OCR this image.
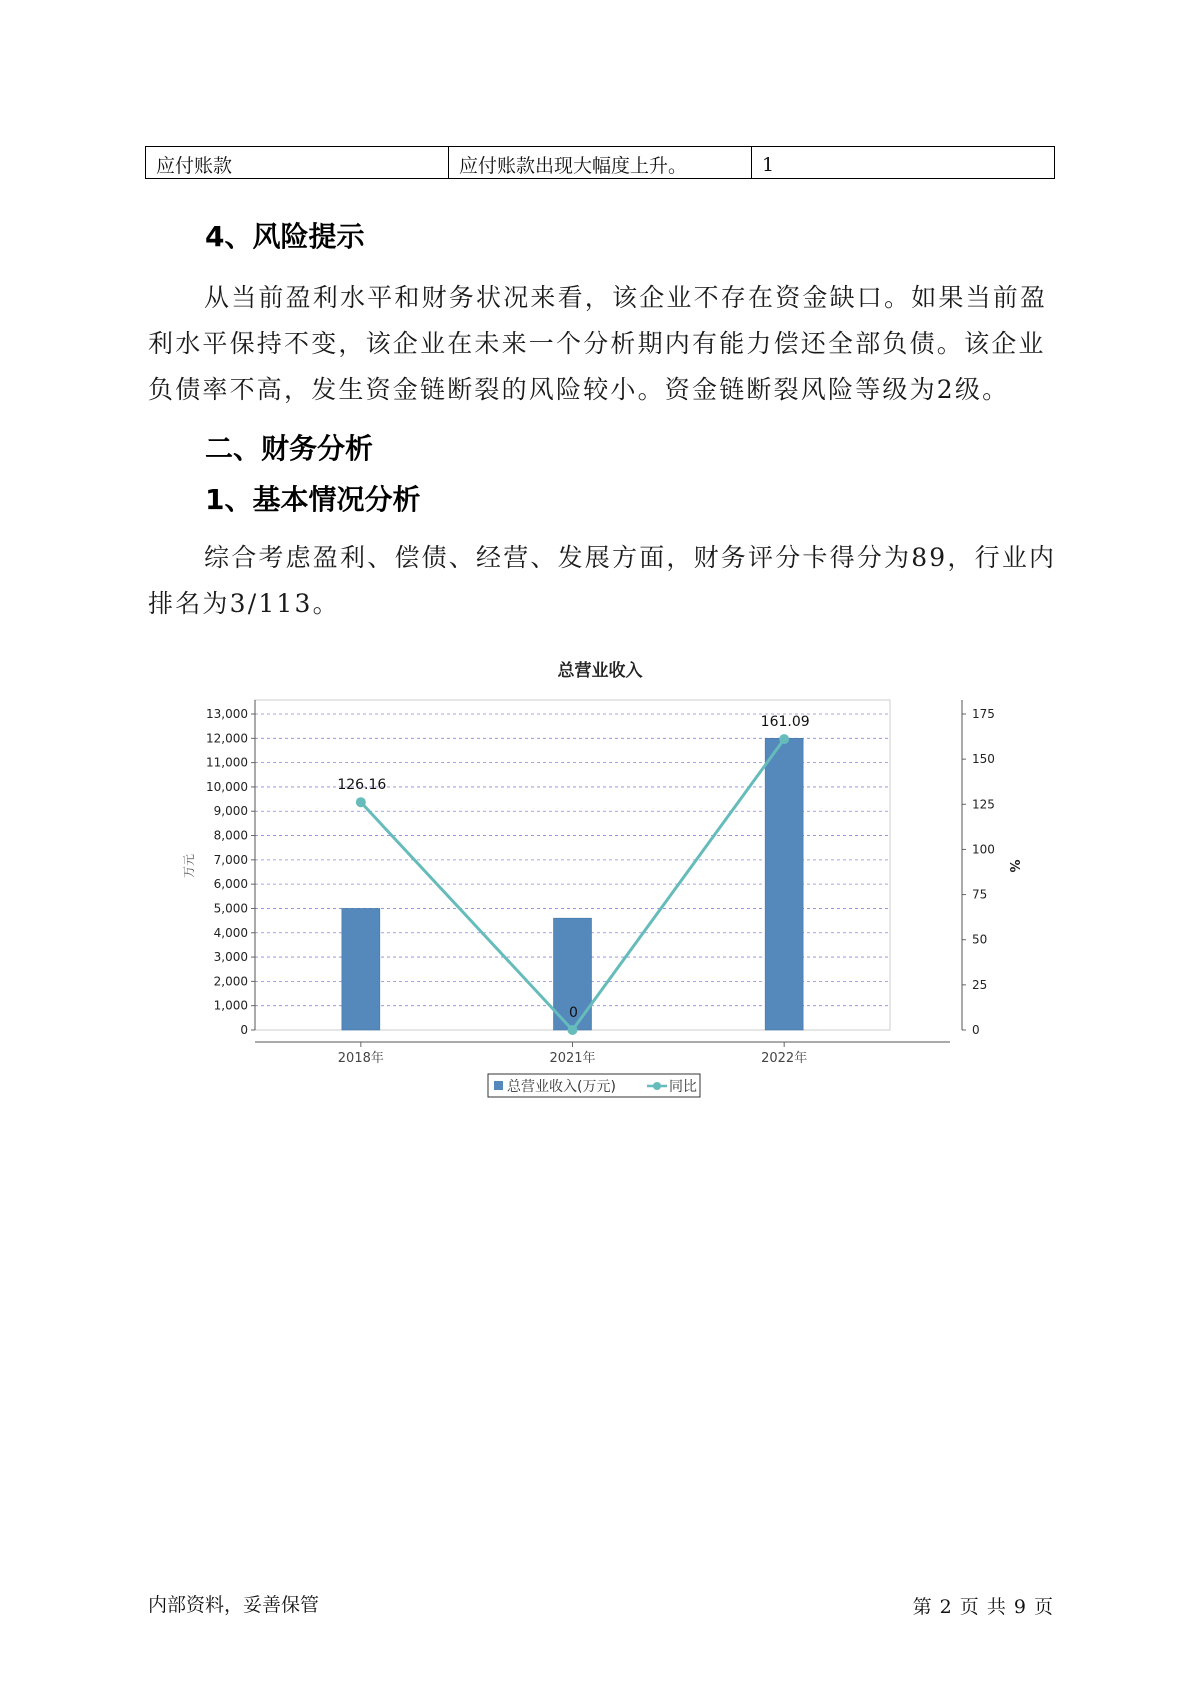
应付账款	应付账款出现大幅度上升。	1
4、风险提示

从当前盈利水平和财务状况来看，该企业不存在资金缺口。如果当前盈利水平保持不变，该企业在未来一个分析期内有能力偿还全部负债。该企业负债率不高，发生资金链断裂的风险较小。资金链断裂风险等级为2级。

二、财务分析
1、基本情况分析

综合考虑盈利、偿债、经营、发展方面，财务评分卡得分为89，行业内排名为3/113。

总营业收入
0
1,000
2,000
3,000
4,000
5,000
6,000
7,000
8,000
9,000
10,000
11,000
12,000
13,000
0
25
50
75
100
125
150
175
2018年	2021年	2022年
126.16
0
161.09
万元	%
总营业收入(万元)	同比
内部资料，妥善保管	第 2 页 共 9 页
